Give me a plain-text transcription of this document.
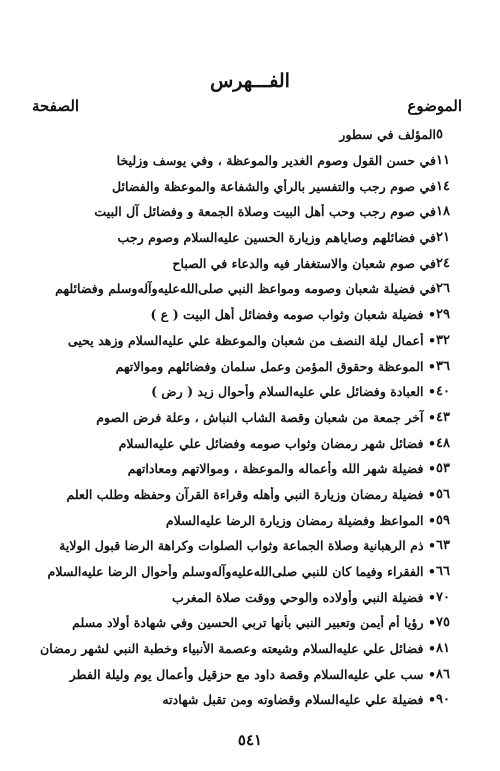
الفـــهرس
الموضوع
الصفحة
المؤلف في سطور ٥
في حسن القول وصوم الغدير والموعظة ، وفي يوسف وزليخا ١١
في صوم رجب والتفسير بالرأي والشفاعة والموعظة والفضائل ١٤
في صوم رجب وحب أهل البيت وصلاة الجمعة و وفضائل آل البيت ١٨
في فضائلهم وصاياهم وزيارة الحسين عليه‌السلام وصوم رجب ٢١
في صوم شعبان والاستغفار فيه والدعاء في الصباح ٢٤
في فضيلة شعبان وصومه ومواعظ النبي صلى‌الله‌عليه‌وآله‌وسلم وفضائلهم ٢٦
• فضيلة شعبان وثواب صومه وفضائل أهل البيت ( ع ) ٢٩
• أعمال ليلة النصف من شعبان والموعظة علي عليه‌السلام وزهد يحيى ٣٢
• الموعظة وحقوق المؤمن وعمل سلمان وفضائلهم وموالاتهم ٣٦
• العبادة وفضائل علي عليه‌السلام وأحوال زيد ( رض ) ٤٠
• آخر جمعة من شعبان وقصة الشاب النباش ، وعلة فرض الصوم ٤٣
• فضائل شهر رمضان وثواب صومه وفضائل علي عليه‌السلام ٤٨
• فضيلة شهر الله وأعماله والموعظة ، وموالاتهم ومعاداتهم ٥٣
• فضيلة رمضان وزيارة النبي وأهله وقراءة القرآن وحفظه وطلب العلم ٥٦
• المواعظ وفضيلة رمضان وزيارة الرضا عليه‌السلام ٥٩
• ذم الرهبانية وصلاة الجماعة وثواب الصلوات وكراهة الرضا قبول الولاية ٦٣
• الفقراء وفيما كان للنبي صلى‌الله‌عليه‌وآله‌وسلم وأحوال الرضا عليه‌السلام ٦٦
• فضيلة النبي وأولاده والوحي ووقت صلاة المغرب ٧٠
• رؤيا أم أيمن وتعبير النبي بأنها تربي الحسين وفي شهادة أولاد مسلم ٧٥
• فضائل علي عليه‌السلام وشيعته وعصمة الأنبياء وخطبة النبي لشهر رمضان ٨١
• سب علي عليه‌السلام وقصة داود مع حزقيل وأعمال يوم وليلة الفطر ٨٦
• فضيلة علي عليه‌السلام وقضاوته ومن تقبل شهادته ٩٠
٥٤١
